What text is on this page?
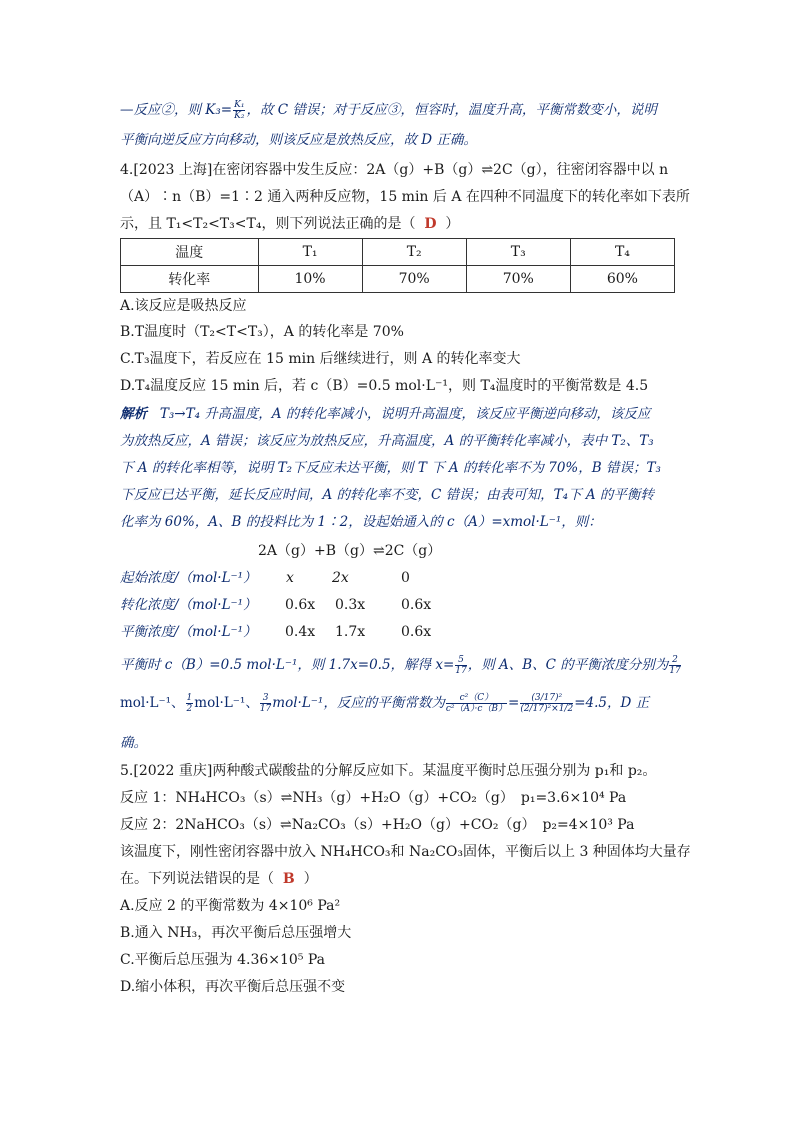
—反应②，则 $K_3= \frac{\text{K₁}}{\text{K₂}}$ ，故 C 错误；对于反应③，恒容时，温度升高，平衡常数变小，说明
平衡向逆反应方向移动，则该反应是放热反应，故 D 正确。
4.[2023 上海]在密闭容器中发生反应：2A（g）+B（g）⇌2C（g），往密闭容器中以 n
（A）∶n（B）=1∶2 通入两种反应物，15 min 后 A 在四种不同温度下的转化率如下表所
示，且 T₁<T₂<T₃<T₄，则下列说法正确的是（ D ）
温度	T₁	T₂	T₃	T₄
转化率	10%	70%	70%	60%
A.该反应是吸热反应
B.T温度时（T₂<T<T₃），A 的转化率是 70%
C.T₃温度下，若反应在 15 min 后继续进行，则 A 的转化率变大
D.T₄温度反应 15 min 后，若 c（B）=0.5 mol·L⁻¹，则 T₄温度时的平衡常数是 4.5
解析 T₃→T₄ 升高温度，A 的转化率减小，说明升高温度，该反应平衡逆向移动，该反应
为放热反应，A 错误；该反应为放热反应，升高温度，A 的平衡转化率减小，表中 T₂、T₃
下 A 的转化率相等，说明 T₂下反应未达平衡，则 T 下 A 的转化率不为 70%，B 错误；T₃
下反应已达平衡，延长反应时间，A 的转化率不变，C 错误；由表可知，T₄下 A 的平衡转
化率为 60%，A、B 的投料比为 1∶2，设起始通入的 c（A）=xmol·L⁻¹，则：
2A（g）+B（g）⇌2C（g）
起始浓度/（mol·L⁻¹） x	2x	0
转化浓度/（mol·L⁻¹） 0.6x 0.3x	0.6x
平衡浓度/（mol·L⁻¹） 0.4x 1.7x	0.6x
平衡时 c（B）=0.5 mol·L⁻¹，则 1.7x=0.5，解得 $x= \frac{5}{17}$ ，则 A、B、C 的平衡浓度分别为 $\frac{2}{17}$
mol·L⁻¹、 $\frac{1}{2} mol\cdot L^{-1}$、 $\frac{3}{17} mol\cdot L^{-1}$，反应的平衡常数为 $\frac{\text{c²（C）}}{\text{c²（A）·c（B）}} = \frac{\text{(3/17)²}}{\text{(2/17)²×1/2}} =4.5$，D 正
确。
5.[2022 重庆]两种酸式碳酸盐的分解反应如下。某温度平衡时总压强分别为 p₁和 p₂。
反应 1：NH₄HCO₃（s）⇌NH₃（g）+H₂O（g）+CO₂（g）　p₁=3.6×10⁴ Pa
反应 2：2NaHCO₃（s）⇌Na₂CO₃（s）+H₂O（g）+CO₂（g）　p₂=4×10³ Pa
该温度下，刚性密闭容器中放入 NH₄HCO₃和 Na₂CO₃固体，平衡后以上 3 种固体均大量存
在。下列说法错误的是（ B ）
A.反应 2 的平衡常数为 4×10⁶ Pa²
B.通入 NH₃，再次平衡后总压强增大
C.平衡后总压强为 4.36×10⁵ Pa
D.缩小体积，再次平衡后总压强不变
